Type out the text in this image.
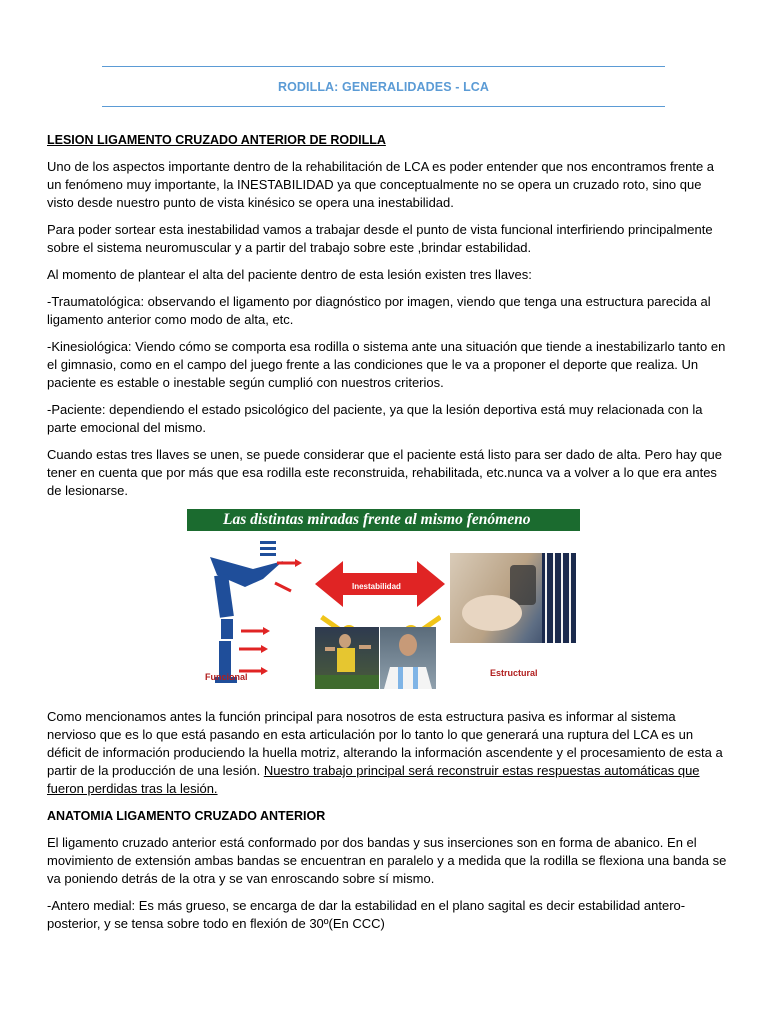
RODILLA: GENERALIDADES - LCA

LESION LIGAMENTO CRUZADO ANTERIOR DE RODILLA

Uno de los aspectos importante dentro de la rehabilitación de LCA es poder entender que nos encontramos frente a un fenómeno muy importante, la INESTABILIDAD ya que conceptualmente no se opera un cruzado roto, sino que visto desde nuestro punto de vista kinésico se opera una inestabilidad.

Para poder sortear esta inestabilidad vamos a trabajar desde el punto de vista funcional interfiriendo principalmente sobre el sistema neuromuscular y a partir del trabajo sobre este ,brindar estabilidad.

Al momento de plantear el alta del paciente dentro de esta lesión existen tres llaves:

-Traumatológica: observando el ligamento por diagnóstico por imagen, viendo que tenga una estructura parecida al ligamento anterior como modo de alta, etc.

-Kinesiológica: Viendo cómo se comporta esa rodilla o sistema ante una situación que tiende a inestabilizarlo tanto en el gimnasio, como en el campo del juego frente a las condiciones que le va a proponer el deporte que realiza. Un paciente es estable o inestable según cumplió con nuestros criterios.

-Paciente: dependiendo el estado psicológico del paciente, ya que la lesión deportiva está muy relacionada con la parte emocional del mismo.

Cuando estas tres llaves se unen, se puede considerar que el paciente está listo para ser dado de alta. Pero hay que tener en cuenta que por más que esa rodilla este reconstruida, rehabilitada, etc.nunca va a volver a lo que era antes de lesionarse.

Las distintas miradas frente al mismo fenómeno
Funcional
Inestabilidad
Estructural

Como mencionamos antes la función principal para nosotros de esta estructura pasiva es informar al sistema nervioso que es lo que está pasando en esta articulación por lo tanto lo que generará una ruptura del LCA es un déficit de información produciendo la huella motriz, alterando la información ascendente y el procesamiento de esta a partir de la producción de una lesión. Nuestro trabajo principal será reconstruir estas respuestas automáticas que fueron perdidas tras la lesión.

ANATOMIA LIGAMENTO CRUZADO ANTERIOR

El ligamento cruzado anterior está conformado por dos bandas y sus inserciones son en forma de abanico. En el movimiento de extensión ambas bandas se encuentran en paralelo y a medida que la rodilla se flexiona una banda se va poniendo detrás de la otra y se van enroscando sobre sí mismo.

-Antero medial: Es más grueso, se encarga de dar la estabilidad en el plano sagital es decir estabilidad antero-posterior, y se tensa sobre todo en flexión de 30º(En CCC)
